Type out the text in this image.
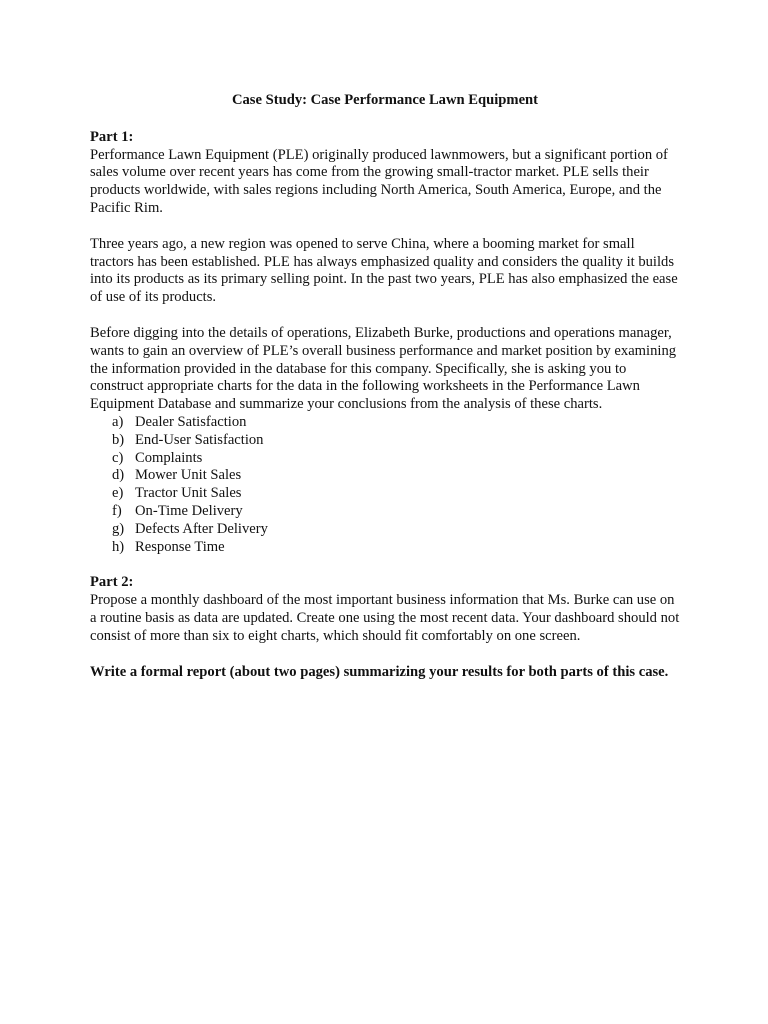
Case Study: Case Performance Lawn Equipment

Part 1:

Performance Lawn Equipment (PLE) originally produced lawnmowers, but a significant portion of sales volume over recent years has come from the growing small-tractor market. PLE sells their products worldwide, with sales regions including North America, South America, Europe, and the Pacific Rim.

Three years ago, a new region was opened to serve China, where a booming market for small tractors has been established. PLE has always emphasized quality and considers the quality it builds into its products as its primary selling point. In the past two years, PLE has also emphasized the ease of use of its products.

Before digging into the details of operations, Elizabeth Burke, productions and operations manager, wants to gain an overview of PLE’s overall business performance and market position by examining the information provided in the database for this company. Specifically, she is asking you to construct appropriate charts for the data in the following worksheets in the Performance Lawn Equipment Database and summarize your conclusions from the analysis of these charts.

a) Dealer Satisfaction
b) End-User Satisfaction
c) Complaints
d) Mower Unit Sales
e) Tractor Unit Sales
f) On-Time Delivery
g) Defects After Delivery
h) Response Time

Part 2:

Propose a monthly dashboard of the most important business information that Ms. Burke can use on a routine basis as data are updated. Create one using the most recent data. Your dashboard should not consist of more than six to eight charts, which should fit comfortably on one screen.

Write a formal report (about two pages) summarizing your results for both parts of this case.
